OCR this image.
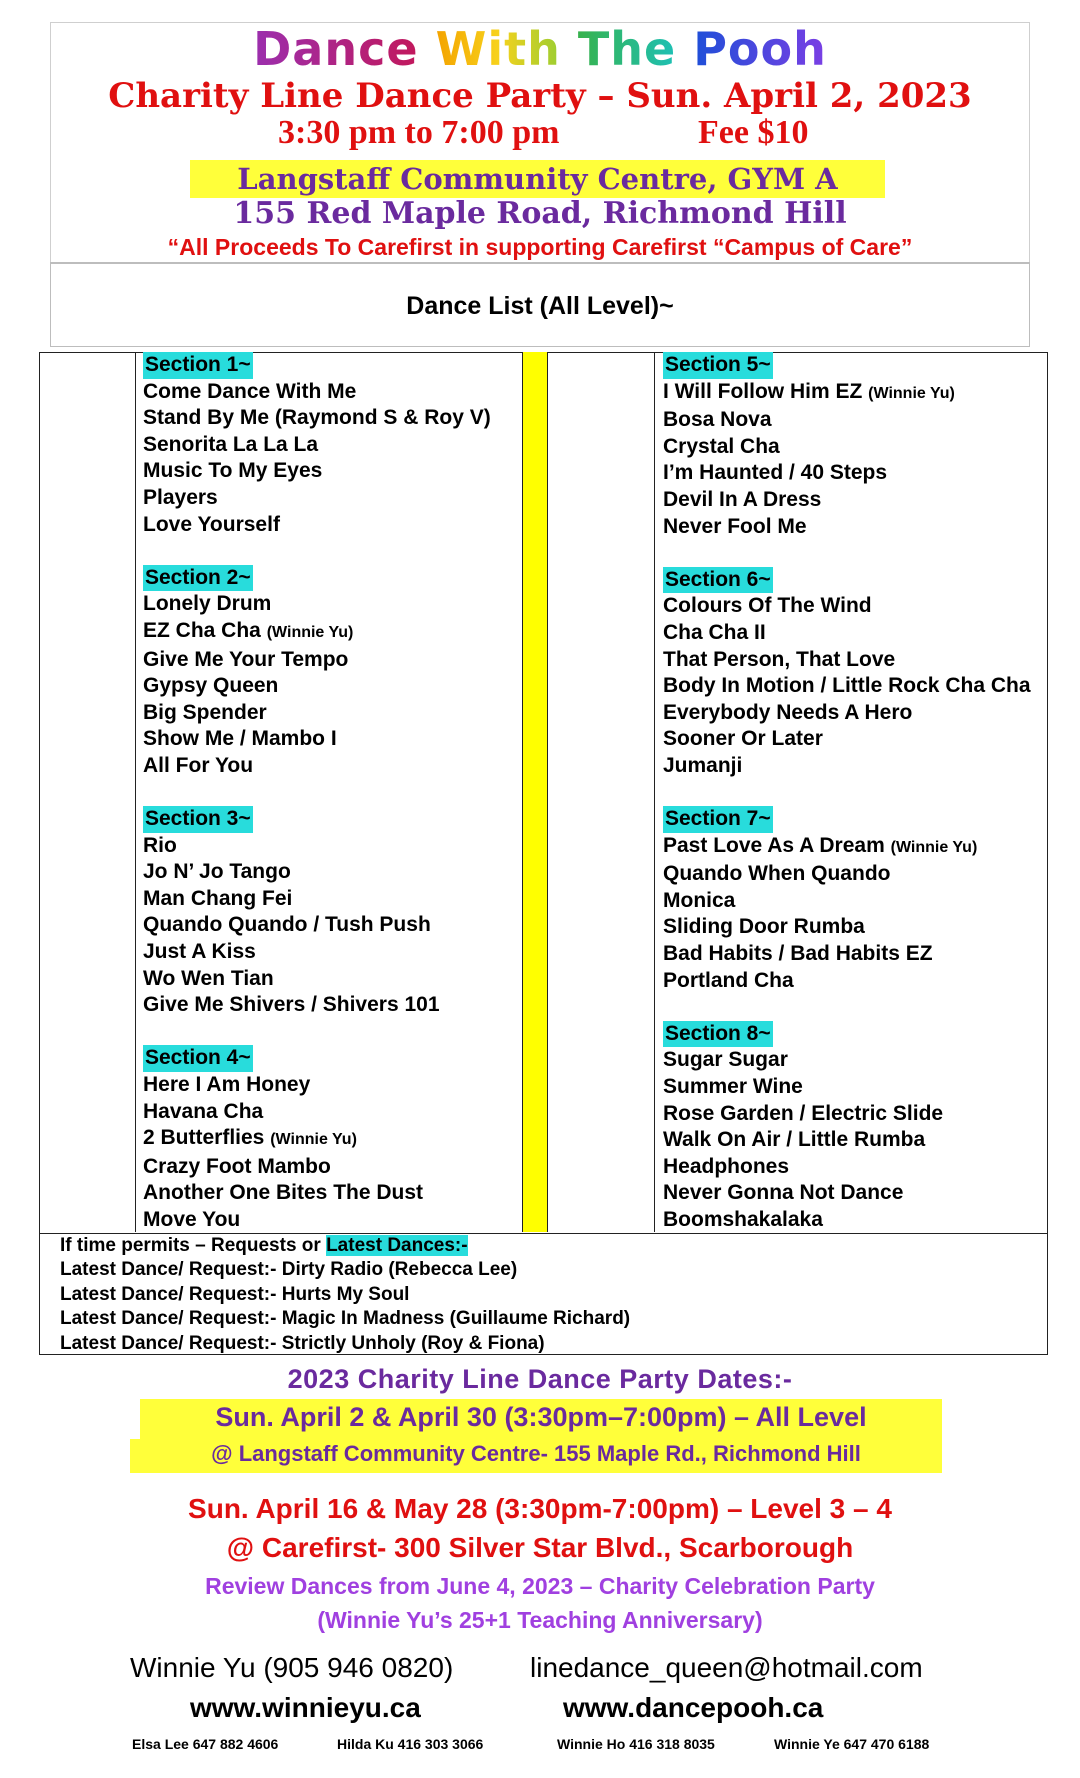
Dance With The Pooh
Charity Line Dance Party – Sun. April 2, 2023
3:30 pm to 7:00 pm	Fee $10
Langstaff Community Centre, GYM A
155 Red Maple Road, Richmond Hill
“All Proceeds To Carefirst in supporting Carefirst “Campus of Care”
Dance List (All Level)~
Section 1~
Come Dance With Me
Stand By Me (Raymond S & Roy V)
Senorita La La La
Music To My Eyes
Players
Love Yourself
Section 2~
Lonely Drum
EZ Cha Cha (Winnie Yu)
Give Me Your Tempo
Gypsy Queen
Big Spender
Show Me / Mambo I
All For You
Section 3~
Rio
Jo N’ Jo Tango
Man Chang Fei
Quando Quando / Tush Push
Just A Kiss
Wo Wen Tian
Give Me Shivers / Shivers 101
Section 4~
Here I Am Honey
Havana Cha
2 Butterflies (Winnie Yu)
Crazy Foot Mambo
Another One Bites The Dust
Move You
Section 5~
I Will Follow Him EZ (Winnie Yu)
Bosa Nova
Crystal Cha
I’m Haunted / 40 Steps
Devil In A Dress
Never Fool Me
Section 6~
Colours Of The Wind
Cha Cha II
That Person, That Love
Body In Motion / Little Rock Cha Cha
Everybody Needs A Hero
Sooner Or Later
Jumanji
Section 7~
Past Love As A Dream (Winnie Yu)
Quando When Quando
Monica
Sliding Door Rumba
Bad Habits / Bad Habits EZ
Portland Cha
Section 8~
Sugar Sugar
Summer Wine
Rose Garden / Electric Slide
Walk On Air / Little Rumba
Headphones
Never Gonna Not Dance
Boomshakalaka
If time permits – Requests or Latest Dances:-
Latest Dance/ Request:- Dirty Radio (Rebecca Lee)
Latest Dance/ Request:- Hurts My Soul
Latest Dance/ Request:- Magic In Madness (Guillaume Richard)
Latest Dance/ Request:- Strictly Unholy (Roy & Fiona)
2023 Charity Line Dance Party Dates:-
Sun. April 2 & April 30 (3:30pm–7:00pm) – All Level
@ Langstaff Community Centre- 155 Maple Rd., Richmond Hill
Sun. April 16 & May 28 (3:30pm-7:00pm) – Level 3 – 4
@ Carefirst- 300 Silver Star Blvd., Scarborough
Review Dances from June 4, 2023 – Charity Celebration Party
(Winnie Yu’s 25+1 Teaching Anniversary)
Winnie Yu (905 946 0820)	linedance_queen@hotmail.com
www.winnieyu.ca	www.dancepooh.ca
Elsa Lee 647 882 4606	Hilda Ku 416 303 3066	Winnie Ho 416 318 8035	Winnie Ye 647 470 6188
